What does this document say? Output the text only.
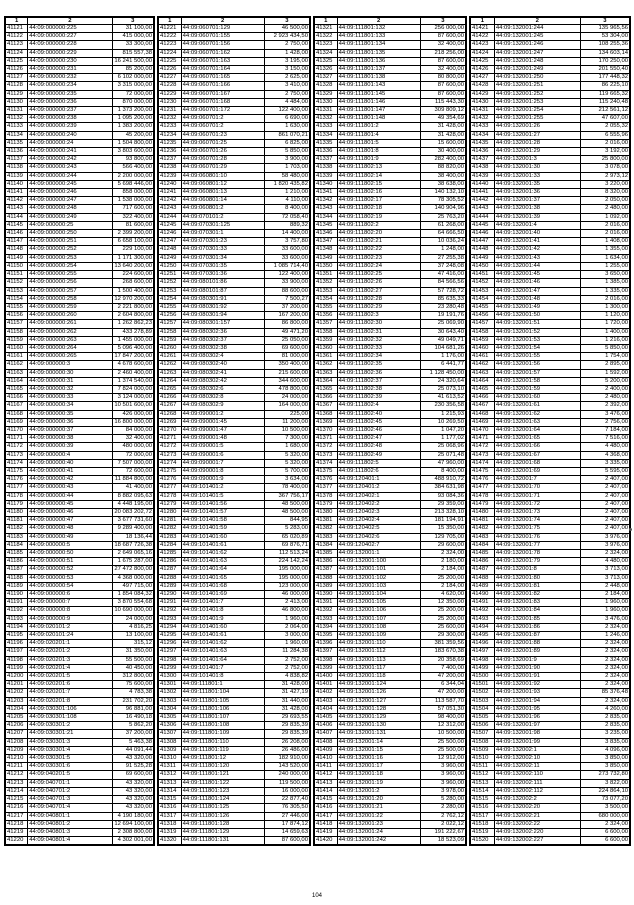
1	2	3
41121	44:09:000000:225	31 100,00
41122	44:09:000000:227	415 000,00
41123	44:09:000000:228	33 300,00
41124	44:09:000000:229	815 557,38
41125	44:09:000000:230	16 241 500,00
41126	44:09:000000:231	85 200,00
41127	44:09:000000:232	6 102 000,00
41128	44:09:000000:234	3 315 000,00
41129	44:09:000000:235	72 000,00
41130	44:09:000000:236	870 000,00
41131	44:09:000000:237	1 373 200,00
41132	44:09:000000:238	1 095 200,00
41133	44:09:000000:239	1 383 200,00
41134	44:09:000000:240	45 200,00
41135	44:09:000000:24	1 504 800,00
41136	44:09:000000:241	3 803 600,00
41137	44:09:000000:242	93 800,00
41138	44:09:000000:243	566 400,00
41139	44:09:000000:244	2 200 000,00
41140	44:09:000000:245	5 698 446,00
41141	44:09:000000:246	858 000,00
41142	44:09:000000:247	1 538 000,00
41143	44:09:000000:248	717 600,00
41144	44:09:000000:249	322 400,00
41145	44:09:000000:25	81 600,00
41146	44:09:000000:250	2 399 200,00
41147	44:09:000000:251	6 658 100,00
41148	44:09:000000:252	229 100,00
41149	44:09:000000:253	1 171 300,00
41150	44:09:000000:254	13 640 200,00
41151	44:09:000000:255	224 600,00
41152	44:09:000000:256	268 600,00
41153	44:09:000000:257	1 500 400,00
41154	44:09:000000:258	12 970 200,00
41155	44:09:000000:259	2 221 800,00
41156	44:09:000000:260	2 604 800,00
41157	44:09:000000:261	1 262 862,23
41158	44:09:000000:262	433 278,89
41159	44:09:000000:263	1 455 000,00
41160	44:09:000000:264	5 096 400,00
41161	44:09:000000:265	17 847 200,00
41162	44:09:000000:3	4 678 600,00
41163	44:09:000000:30	2 460 400,00
41164	44:09:000000:31	1 374 540,00
41165	44:09:000000:32	7 824 000,00
41166	44:09:000000:33	3 124 000,00
41167	44:09:000000:34	10 501 600,00
41168	44:09:000000:35	426 000,00
41169	44:09:000000:36	16 800 000,00
41170	44:09:000000:37	84 000,00
41171	44:09:000000:38	32 400,00
41172	44:09:000000:39	480 000,00
41173	44:09:000000:4	72 000,00
41174	44:09:000000:40	7 507 000,00
41175	44:09:000000:41	72 600,00
41176	44:09:000000:42	11 884 800,00
41177	44:09:000000:43	41 400,00
41178	44:09:000000:44	8 882 095,63
41179	44:09:000000:45	4 448 195,00
41180	44:09:000000:46	20 083 202,72
41181	44:09:000000:47	3 677 731,60
41182	44:09:000000:48	9 289 400,00
41183	44:09:000000:49	18 136,44
41184	44:09:000000:5	18 687 726,38
41185	44:09:000000:50	2 649 065,16
41186	44:09:000000:51	1 675 287,00
41187	44:09:000000:52	27 472 800,00
41188	44:09:000000:53	4 368 000,00
41189	44:09:000000:54	497 715,00
41190	44:09:000000:6	1 854 084,32
41191	44:09:000000:7	3 870 554,68
41192	44:09:000000:8	10 690 000,00
41193	44:09:000000:9	24 000,00
41194	44:09:020101:2	4 816,25
41195	44:09:020101:24	13 100,00
41196	44:09:020201:1	315,12
41197	44:09:020201:2	31 350,00
41198	44:09:020201:3	55 500,00
41199	44:09:020201:4	40 450,00
41200	44:09:020201:5	312 800,00
41201	44:09:020201:6	75 600,00
41202	44:09:020201:7	4 783,38
41203	44:09:020201:8	231 702,20
41204	44:09:030301:106	96 881,00
41205	44:09:030301:108	16 490,18
41206	44:09:030301:2	5 862,20
41207	44:09:030301:21	37 200,00
41208	44:09:030301:3	5 463,38
41209	44:09:030301:4	44 091,44
41210	44:09:030301:5	43 320,00
41211	44:09:030301:6	91 525,28
41212	44:09:040201:5	69 600,00
41213	44:09:040701:1	43 320,00
41214	44:09:040701:2	43 320,00
41215	44:09:040701:3	43 320,00
41216	44:09:040701:4	43 320,00
41217	44:09:040801:1	4 190 180,00
41218	44:09:040801:2	12 694 100,00
41219	44:09:040801:3	2 308 800,00
41220	44:09:040801:4	4 302 001,00
1	2	3
41221	44:09:060701:129	46 500,00
41222	44:09:060701:155	2 923 434,50
41223	44:09:060701:156	2 750,00
41224	44:09:060701:162	1 428,00
41225	44:09:060701:163	3 195,00
41226	44:09:060701:164	3 150,00
41227	44:09:060701:165	2 625,00
41228	44:09:060701:166	3 410,00
41229	44:09:060701:167	2 750,00
41230	44:09:060701:168	4 484,00
41231	44:09:060701:172	122 400,00
41232	44:09:060701:2	6 690,00
41233	44:09:060701:2	1 630,00
41234	44:09:060701:23	861 070,21
41235	44:09:060701:25	6 825,00
41236	44:09:060701:26	5 850,00
41237	44:09:060701:28	3 900,00
41238	44:09:060701:29	1 703,00
41239	44:09:060801:10	58 480,00
41240	44:09:060801:12	1 820 435,82
41241	44:09:060801:13	1 210,00
41242	44:09:060801:14	4 110,00
41243	44:09:060801:2	8 400,00
41244	44:09:070101:2	72 058,40
41245	44:09:070301:125	889,32
41246	44:09:070301:1	14 400,00
41247	44:09:070301:23	3 757,80
41248	44:09:070301:33	33 600,00
41249	44:09:070301:34	33 600,00
41250	44:09:070301:35	1 085 714,40
41251	44:09:070301:36	122 400,00
41252	44:09:080101:86	33 900,00
41253	44:09:080101:87	88 600,00
41254	44:09:080301:91	7 500,27
41255	44:09:080301:92	37 200,00
41256	44:09:080301:94	167 200,00
41257	44:09:080301:157	86 800,00
41258	44:09:080302:36	49 471,20
41259	44:09:080302:37	25 050,00
41260	44:09:080302:38	69 600,00
41261	44:09:080302:4	81 000,00
41262	44:09:080302:40	350 400,00
41263	44:09:080302:41	215 600,00
41264	44:09:080302:42	344 600,00
41265	44:09:080302:6	478 800,00
41266	44:09:080302:8	24 000,00
41267	44:09:080302:9	164 000,00
41268	44:09:090001:2	225,00
41269	44:09:090001:45	11 200,00
41270	44:09:090001:47	10 500,00
41271	44:09:090001:48	7 300,00
41272	44:09:090001:5	1 680,00
41273	44:09:090001:6	5 320,00
41274	44:09:090001:7	5 320,00
41275	44:09:090001:8	5 700,00
41276	44:09:090001:9	3 634,00
41277	44:09:101401:2	78 400,00
41278	44:09:101401:5	367 756,17
41279	44:09:101401:56	48 500,00
41280	44:09:101401:57	48 500,00
41281	44:09:101401:58	844,95
41282	44:09:101401:59	5 283,00
41283	44:09:101401:60	65 020,89
41284	44:09:101401:61	69 876,71
41285	44:09:101401:62	112 513,24
41286	44:09:101401:63	224 142,24
41287	44:09:101401:64	195 000,00
41288	44:09:101401:65	195 000,00
41289	44:09:101401:68	123 000,00
41290	44:09:101401:69	46 000,00
41291	44:09:101401:7	2 413,00
41292	44:09:101401:8	46 800,00
41293	44:09:101401:9	1 960,00
41294	44:09:101401:60	2 064,00
41295	44:09:101401:61	3 000,00
41296	44:09:101401:62	1 960,00
41297	44:09:101401:63	11 284,38
41298	44:09:101401:64	2 752,00
41299	44:09:101401:7	2 752,00
41300	44:09:101401:8	4 838,82
41301	44:09:111801:1	31 428,00
41302	44:09:111801:104	31 427,19
41303	44:09:111801:105	31 440,00
41304	44:09:111801:106	31 428,00
41305	44:09:111801:107	29 693,55
41306	44:09:111801:108	29 835,39
41307	44:09:111801:109	29 835,39
41308	44:09:111801:110	26 208,00
41309	44:09:111801:119	26 486,00
41310	44:09:111801:12	182 910,00
41311	44:09:111801:120	143 520,00
41312	44:09:111801:121	240 000,00
41313	44:09:111801:122	119 500,00
41314	44:09:111801:123	16 000,00
41315	44:09:111801:124	22 877,40
41316	44:09:111801:125	76 305,50
41317	44:09:111801:126	27 446,00
41318	44:09:111801:128	17 874,12
41319	44:09:111801:129	14 659,63
41320	44:09:111801:131	87 600,00
1	2	3
41321	44:09:111801:132	256 000,00
41322	44:09:111801:133	87 600,00
41323	44:09:111801:134	32 400,00
41324	44:09:111801:135	218 256,00
41325	44:09:111801:136	87 600,00
41326	44:09:111801:137	32 400,00
41327	44:09:111801:138	80 800,00
41328	44:09:111801:143	87 600,00
41329	44:09:111801:145	87 600,00
41330	44:09:111801:146	115 443,30
41331	44:09:111801:147	309 809,12
41332	44:09:111801:148	49 354,69
41333	44:09:111801:2	31 428,00
41334	44:09:111801:4	31 428,00
41335	44:09:111801:5	15 600,00
41336	44:09:111801:8	30 400,00
41337	44:09:111801:9	282 400,00
41338	44:09:111802:13	88 820,00
41339	44:09:111802:14	38 400,00
41340	44:09:111802:15	38 638,00
41341	44:09:111802:16	140 132,10
41342	44:09:111802:17	78 305,52
41343	44:09:111802:18	140 904,96
41344	44:09:111802:19	25 763,20
41345	44:09:111802:2	61 268,00
41346	44:09:111802:20	64 666,50
41347	44:09:111802:21	10 036,24
41348	44:09:111802:22	1 248,00
41349	44:09:111802:23	27 255,38
41350	44:09:111802:24	37 248,08
41351	44:09:111802:25	47 416,00
41352	44:09:111802:26	84 566,56
41353	44:09:111802:27	57 728,72
41354	44:09:111802:28	85 635,33
41355	44:09:111802:29	23 280,48
41356	44:09:111802:3	19 191,76
41357	44:09:111802:30	25 069,90
41358	44:09:111802:31	30 643,40
41359	44:09:111802:32	49 049,71
41360	44:09:111802:33	104 681,26
41361	44:09:111802:34	1 176,00
41362	44:09:111802:35	6 441,77
41363	44:09:111802:36	1 128 450,00
41364	44:09:111802:37	24 320,64
41365	44:09:111802:38	25 073,10
41366	44:09:111802:39	41 613,52
41367	44:09:111802:4	230 356,58
41368	44:09:111802:40	1 215,93
41369	44:09:111802:45	10 269,50
41370	44:09:111802:46	1 047,20
41371	44:09:111802:47	1 177,02
41372	44:09:111802:48	25 068,96
41373	44:09:111802:49	25 071,48
41374	44:09:111802:5	47 960,00
41375	44:09:111802:6	8 400,00
41376	44:09:120401:1	488 910,72
41377	44:09:120401:2	384 631,98
41378	44:09:120402:1	93 084,36
41379	44:09:120402:2	29 359,00
41380	44:09:120402:3	213 328,10
41381	44:09:120402:4	181 194,91
41382	44:09:120402:5	15 350,00
41383	44:09:120402:6	129 705,00
41384	44:09:120402:7	29 600,00
41385	44:09:132001:1	2 324,00
41386	44:09:132001:100	2 180,00
41387	44:09:132001:101	2 184,00
41388	44:09:132001:102	25 200,00
41389	44:09:132001:103	2 184,00
41390	44:09:132001:104	4 620,00
41391	44:09:132001:105	12 350,00
41392	44:09:132001:106	25 200,00
41393	44:09:132001:107	25 200,00
41394	44:09:132001:108	25 600,00
41395	44:09:132001:109	29 300,00
41396	44:09:132001:110	381 359,56
41397	44:09:132001:112	183 670,38
41398	44:09:132001:113	20 358,69
41399	44:09:132001:117	7 400,00
41400	44:09:132001:118	47 200,00
41401	44:09:132001:124	6 344,04
41402	44:09:132001:126	47 200,00
41403	44:09:132001:127	113 587,70
41404	44:09:132001:128	57 051,30
41405	44:09:132001:129	98 400,00
41406	44:09:132001:130	12 312,00
41407	44:09:132001:131	10 500,00
41408	44:09:132001:14	25 500,00
41409	44:09:132001:15	25 500,00
41410	44:09:132001:16	12 912,00
41411	44:09:132001:17	3 960,00
41412	44:09:132001:18	3 960,00
41413	44:09:132001:19	3 960,00
41414	44:09:132001:2	3 978,00
41415	44:09:132001:20	5 280,00
41416	44:09:132001:21	2 280,00
41417	44:09:132001:22	2 762,12
41418	44:09:132001:23	2 022,12
41419	44:09:132001:24	191 222,67
41420	44:09:132001:242	18 523,09
1	2	3
41421	44:09:132001:244	135 965,56
41422	44:09:132001:245	53 304,00
41423	44:09:132001:246	108 255,36
41424	44:09:132001:247	134 603,14
41425	44:09:132001:248	170 250,00
41426	44:09:132001:249	201 550,40
41427	44:09:132001:250	177 448,32
41428	44:09:132001:251	86 225,10
41429	44:09:132001:252	119 665,32
41430	44:09:132001:253	115 240,48
41431	44:09:132001:254	212 561,12
41432	44:09:132001:255	47 607,00
41433	44:09:132001:26	2 055,32
41434	44:09:132001:27	6 555,96
41435	44:09:132001:28	2 016,00
41436	44:09:132001:29	3 192,00
41437	44:09:132001:3	25 800,00
41438	44:09:132001:30	3 078,00
41439	44:09:132001:33	2 973,12
41440	44:09:132001:35	3 220,00
41441	44:09:132001:36	8 320,00
41442	44:09:132001:37	2 050,00
41443	44:09:132001:38	2 480,00
41444	44:09:132001:39	1 092,00
41445	44:09:132001:4	2 016,00
41446	44:09:132001:40	2 016,00
41447	44:09:132001:41	1 408,00
41448	44:09:132001:42	1 355,00
41449	44:09:132001:43	1 634,00
41450	44:09:132001:44	1 255,00
41451	44:09:132001:45	3 650,00
41452	44:09:132001:46	1 385,00
41453	44:09:132001:47	1 335,00
41454	44:09:132001:48	2 016,00
41455	44:09:132001:49	1 300,00
41456	44:09:132001:50	1 120,00
41457	44:09:132001:51	1 720,00
41458	44:09:132001:52	1 400,00
41459	44:09:132001:53	1 216,00
41460	44:09:132001:54	5 850,00
41461	44:09:132001:55	1 754,00
41462	44:09:132001:56	2 895,00
41463	44:09:132001:57	1 592,00
41464	44:09:132001:58	5 200,00
41465	44:09:132001:59	2 400,00
41466	44:09:132001:60	2 480,00
41467	44:09:132001:61	2 392,00
41468	44:09:132001:62	3 476,00
41469	44:09:132001:63	2 756,00
41470	44:09:132001:64	7 184,00
41471	44:09:132001:65	7 516,00
41472	44:09:132001:66	4 480,00
41473	44:09:132001:67	4 368,00
41474	44:09:132001:68	3 335,00
41475	44:09:132001:69	5 595,00
41476	44:09:132001:7	2 407,00
41477	44:09:132001:70	2 407,00
41478	44:09:132001:71	2 407,00
41479	44:09:132001:72	2 407,00
41480	44:09:132001:73	2 407,00
41481	44:09:132001:74	2 407,00
41482	44:09:132001:75	2 407,00
41483	44:09:132001:76	3 976,00
41484	44:09:132001:77	3 976,00
41485	44:09:132001:78	2 324,00
41486	44:09:132001:79	4 480,00
41487	44:09:132001:8	3 713,00
41488	44:09:132001:80	3 713,00
41489	44:09:132001:81	2 448,00
41490	44:09:132001:82	2 184,00
41491	44:09:132001:83	1 960,00
41492	44:09:132001:84	1 960,00
41493	44:09:132001:85	3 476,00
41494	44:09:132001:86	2 324,00
41495	44:09:132001:87	1 246,00
41496	44:09:132001:88	2 324,00
41497	44:09:132001:89	2 324,00
41498	44:09:132001:9	2 324,00
41499	44:09:132001:90	2 324,00
41500	44:09:132001:91	2 324,00
41501	44:09:132001:92	2 324,00
41502	44:09:132001:93	85 376,48
41503	44:09:132001:94	2 324,00
41504	44:09:132001:95	4 260,00
41505	44:09:132001:96	2 835,00
41506	44:09:132001:97	2 835,00
41507	44:09:132001:98	3 235,00
41508	44:09:132001:99	3 835,00
41509	44:09:132002:1	4 096,00
41510	44:09:132002:10	3 850,00
41511	44:09:132002:11	3 850,00
41512	44:09:132002:110	273 732,80
41513	44:09:132002:111	3 822,00
41514	44:09:132002:112	224 864,10
41515	44:09:132002:2	73 077,20
41516	44:09:132002:20	3 500,00
41517	44:09:132002:21	680 000,00
41518	44:09:132002:22	2 324,00
41519	44:09:132002:220	6 600,00
41520	44:09:132002:227	6 600,00
104
